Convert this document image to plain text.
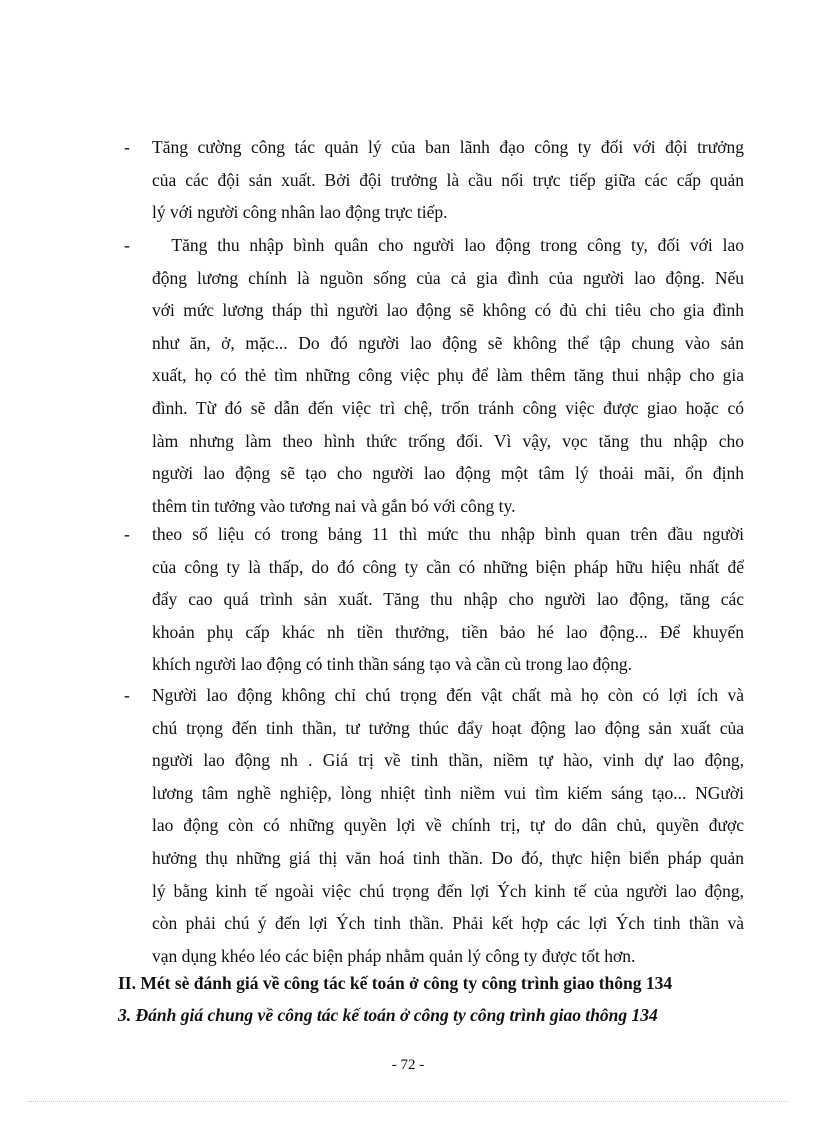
- Tăng cường công tác quản lý của ban lãnh đạo công ty đối với đội trưởng
của các đội sản xuất. Bởi đội trưởng là cầu nối trực tiếp giữa các cấp quản
lý với người công nhân lao động trực tiếp.
- Tăng thu nhập bình quân cho người lao động trong công ty, đối với lao
động lương chính là nguồn sống của cả gia đình của người lao động. Nếu
với mức lương tháp thì người lao động sẽ không có đủ chi tiêu cho gia đình
như ăn, ở, mặc... Do đó người lao động sẽ không thể tập chung vào sản
xuất, họ có thẻ tìm những công việc phụ để làm thêm tăng thui nhập cho gia
đình. Từ đó sẽ dẫn đến việc trì chệ, trốn tránh công việc được giao hoặc có
làm nhưng làm theo hình thức trống đối. Vì vậy, vọc tăng thu nhập cho
người lao động sẽ tạo cho người lao động một tâm lý thoải mãi, ổn định
thêm tin tưởng vào tương nai và gắn bó với công ty.
- theo số liệu có trong bảng 11 thì mức thu nhập bình quan trên đầu người
của công ty là thấp, do đó công ty cần có những biện pháp hữu hiệu nhất để
đẩy cao quá trình sản xuất. Tăng thu nhập cho người lao động, tăng các
khoản phụ cấp khác nh tiền thưởng, tiền bảo hé lao động... Để khuyến
khích người lao động có tinh thần sáng tạo và cần cù trong lao động.
- Người lao động không chỉ chú trọng đến vật chất mà họ còn có lợi ích và
chú trọng đến tinh thần, tư tưởng thúc đẩy hoạt động lao động sản xuất của
người lao động nh . Giá trị về tinh thần, niềm tự hào, vinh dự lao động,
lương tâm nghề nghiệp, lòng nhiệt tình niềm vui tìm kiếm sáng tạo... NGười
lao động còn có những quyền lợi về chính trị, tự do dân chủ, quyền được
hưởng thụ những giá thị văn hoá tinh thần. Do đó, thực hiện biển pháp quản
lý bằng kinh tế ngoài việc chú trọng đến lợi Ých kinh tế của người lao động,
còn phải chú ý đến lợi Ých tinh thần. Phải kết hợp các lợi Ých tinh thần và
vạn dụng khéo léo các biện pháp nhằm quản lý công ty được tốt hơn.
II. Mét sè đánh giá về công tác kế toán ở công ty công trình giao thông 134
3. Đánh giá chung về công tác kế toán ở công ty công trình giao thông 134
- 72 -
